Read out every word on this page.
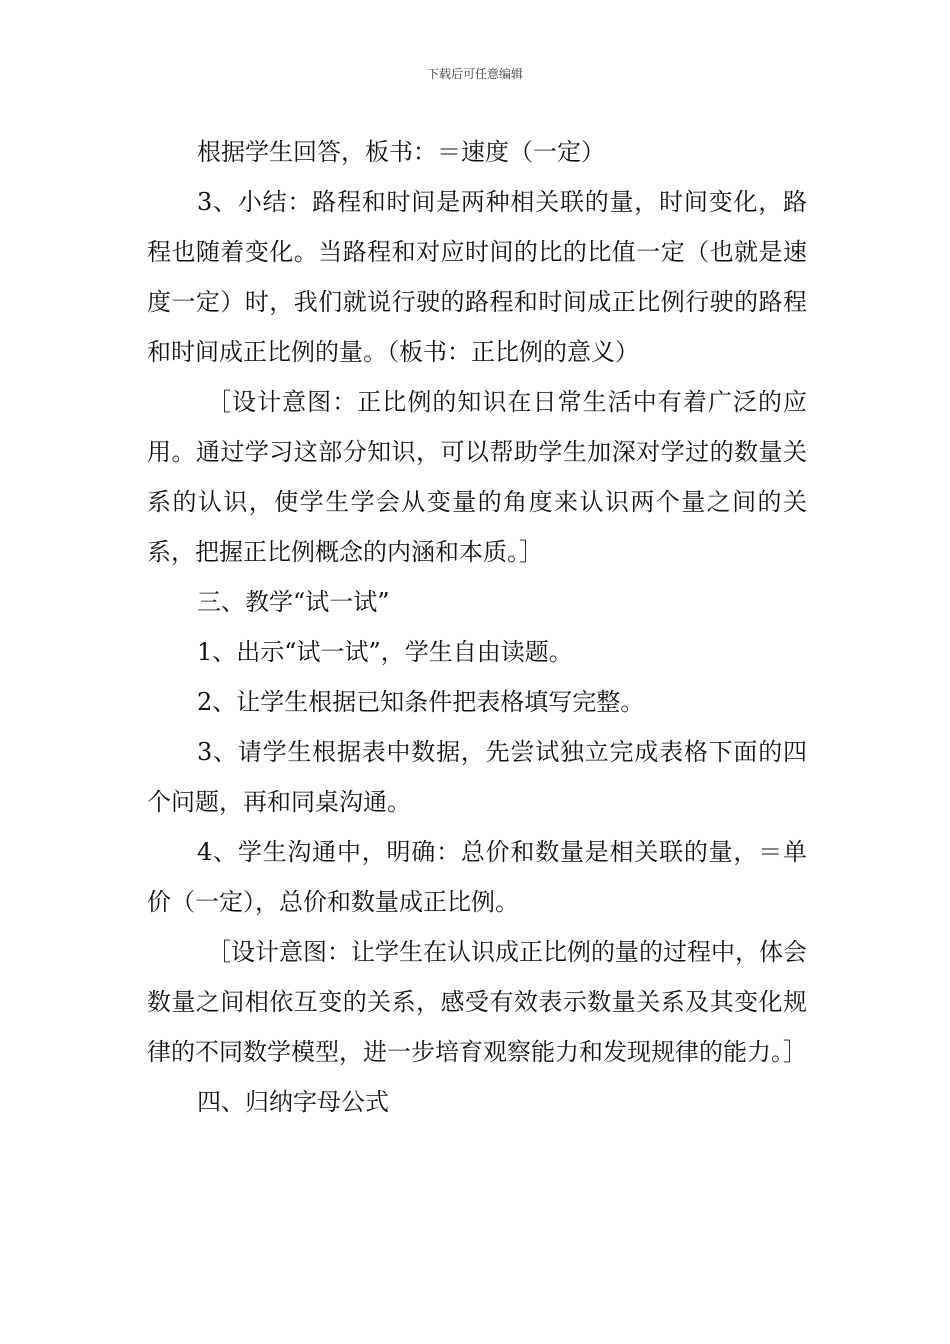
下载后可任意编辑

根据学生回答，板书：＝速度（一定）

3、小结：路程和时间是两种相关联的量，时间变化，路程也随着变化。当路程和对应时间的比的比值一定（也就是速度一定）时，我们就说行驶的路程和时间成正比例行驶的路程和时间成正比例的量。（板书：正比例的意义）

［设计意图：正比例的知识在日常生活中有着广泛的应用。通过学习这部分知识，可以帮助学生加深对学过的数量关系的认识，使学生学会从变量的角度来认识两个量之间的关系，把握正比例概念的内涵和本质。］

三、教学“试一试”

1、出示“试一试”，学生自由读题。

2、让学生根据已知条件把表格填写完整。

3、请学生根据表中数据，先尝试独立完成表格下面的四个问题，再和同桌沟通。

4、学生沟通中，明确：总价和数量是相关联的量，＝单价（一定），总价和数量成正比例。

［设计意图：让学生在认识成正比例的量的过程中，体会数量之间相依互变的关系，感受有效表示数量关系及其变化规律的不同数学模型，进一步培育观察能力和发现规律的能力。］

四、归纳字母公式
